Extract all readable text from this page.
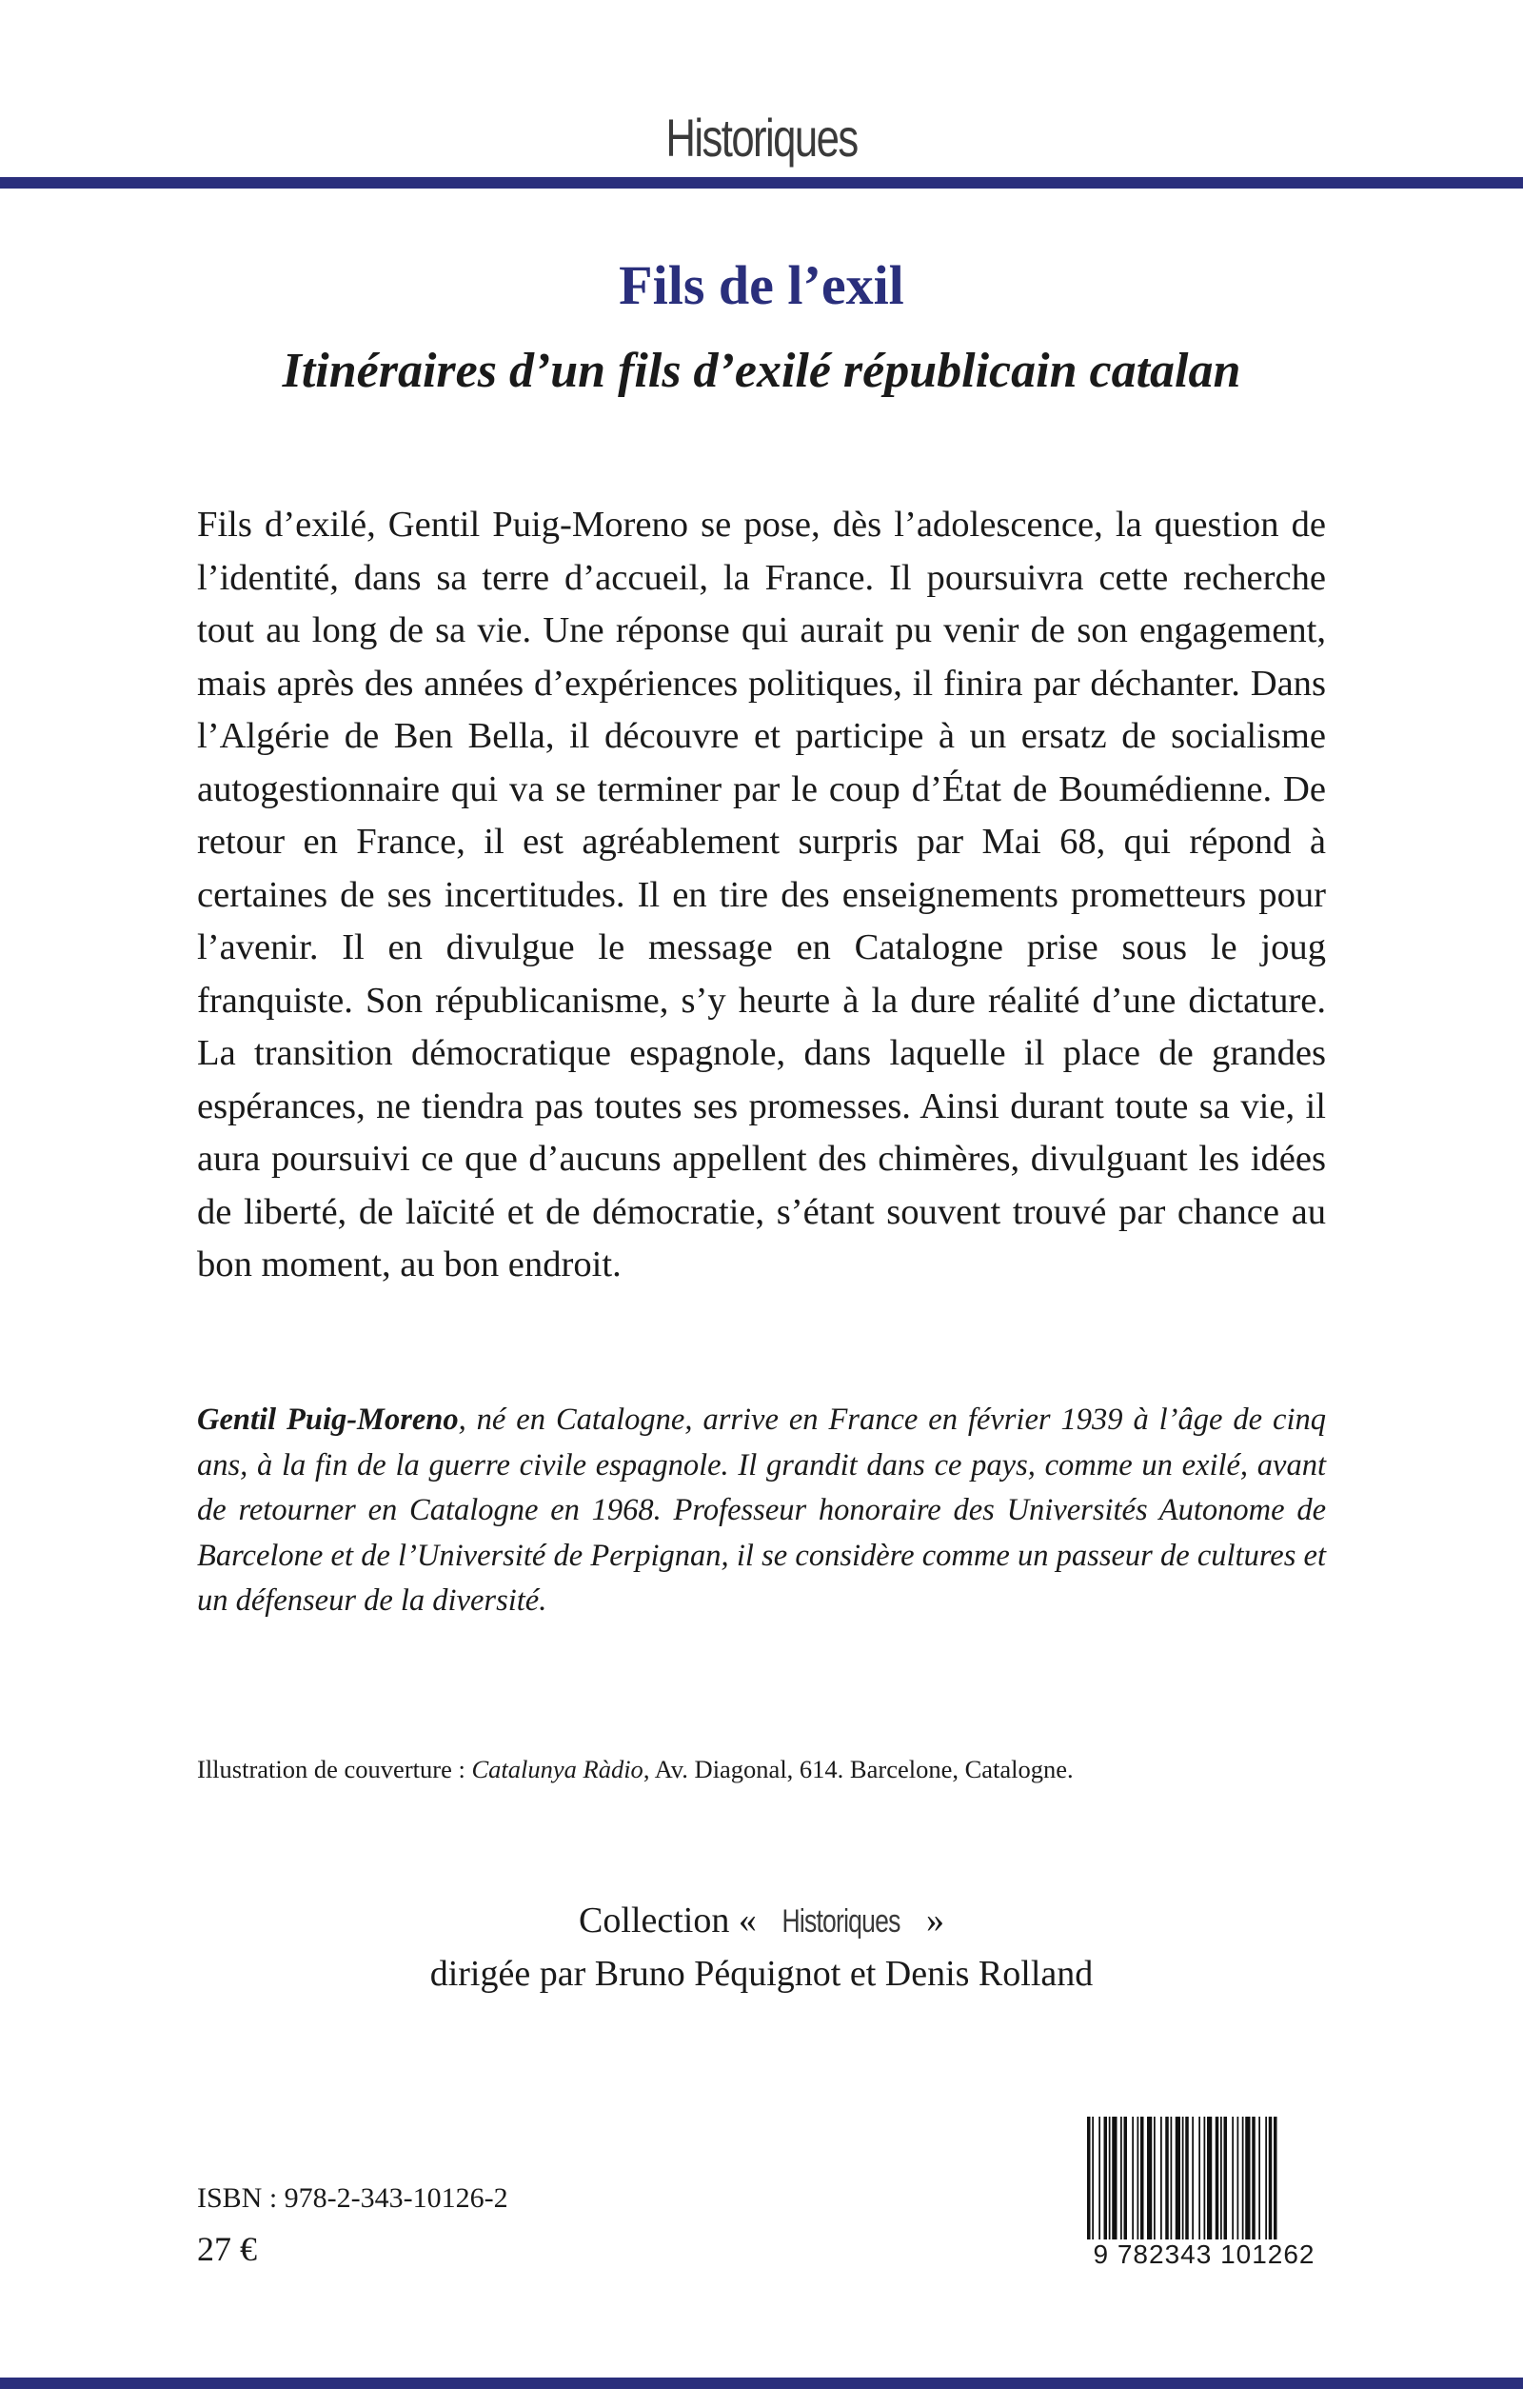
Historiques
Fils de l’exil
Itinéraires d’un fils d’exilé républicain catalan

Fils d’exilé, Gentil Puig-Moreno se pose, dès l’adolescence, la question de l’identité, dans sa terre d’accueil, la France. Il poursuivra cette recherche tout au long de sa vie. Une réponse qui aurait pu venir de son engagement, mais après des années d’expériences politiques, il finira par déchanter. Dans l’Algérie de Ben Bella, il découvre et participe à un ersatz de socialisme autogestionnaire qui va se terminer par le coup d’État de Boumédienne. De retour en France, il est agréablement surpris par Mai 68, qui répond à certaines de ses incertitudes. Il en tire des enseignements prometteurs pour l’avenir. Il en divulgue le message en Catalogne prise sous le joug franquiste. Son républicanisme, s’y heurte à la dure réalité d’une dictature. La transition démocratique espagnole, dans laquelle il place de grandes espérances, ne tiendra pas toutes ses promesses. Ainsi durant toute sa vie, il aura poursuivi ce que d’aucuns appellent des chimères, divulguant les idées de liberté, de laïcité et de démocratie, s’étant souvent trouvé par chance au bon moment, au bon endroit.

Gentil Puig-Moreno, né en Catalogne, arrive en France en février 1939 à l’âge de cinq ans, à la fin de la guerre civile espagnole. Il grandit dans ce pays, comme un exilé, avant de retourner en Catalogne en 1968. Professeur honoraire des Universités Autonome de Barcelone et de l’Université de Perpignan, il se considère comme un passeur de cultures et un défenseur de la diversité.

Illustration de couverture : Catalunya Ràdio, Av. Diagonal, 614. Barcelone, Catalogne.

Collection « Historiques »
dirigée par Bruno Péquignot et Denis Rolland
ISBN : 978-2-343-10126-2
27 €	9 782343 101262
